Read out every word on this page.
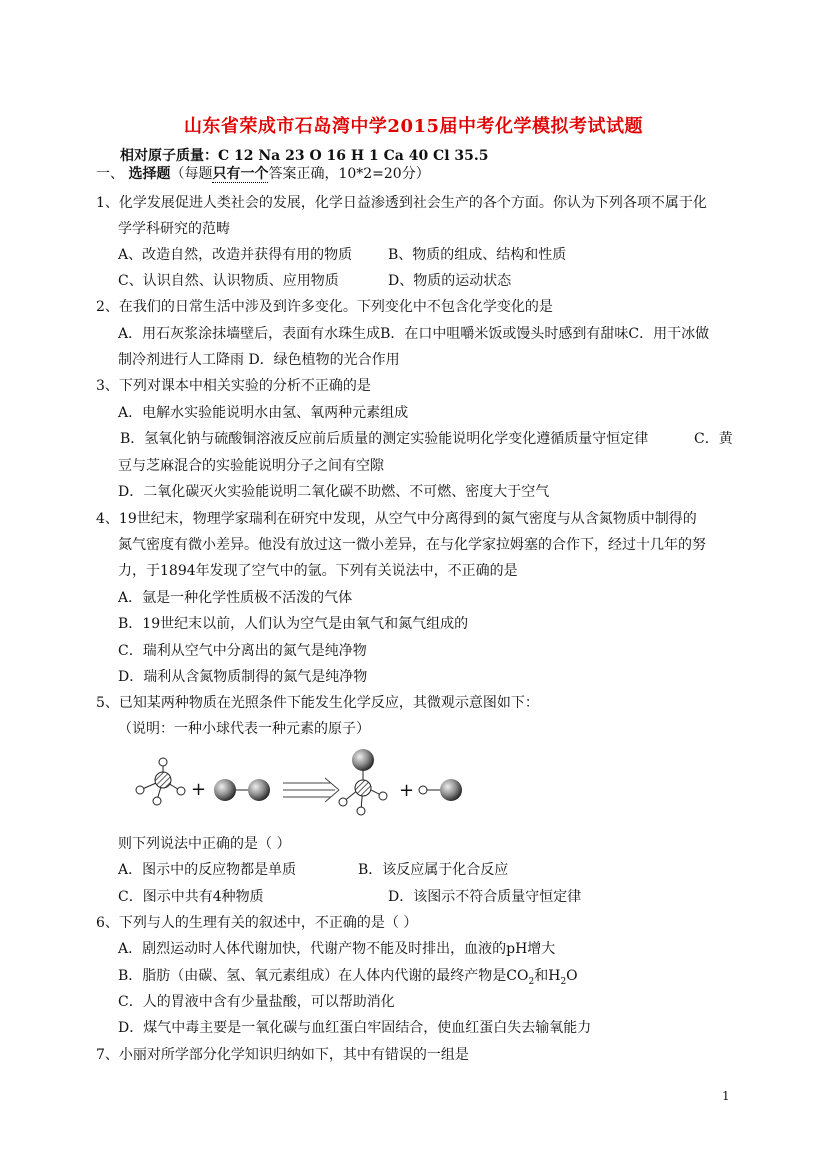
山东省荣成市石岛湾中学2015届中考化学模拟考试试题
相对原子质量：C 12 Na 23 O 16 H 1 Ca 40 Cl 35.5
一、 选择题（每题只有一个答案正确，10*2=20分）
1、化学发展促进人类社会的发展，化学日益渗透到社会生产的各个方面。你认为下列各项不属于化
学学科研究的范畴
A、改造自然，改造并获得有用的物质	B、物质的组成、结构和性质
C、认识自然、认识物质、应用物质	D、物质的运动状态
2、在我们的日常生活中涉及到许多变化。下列变化中不包含化学变化的是
A．用石灰浆涂抹墙壁后，表面有水珠生成B．在口中咀嚼米饭或馒头时感到有甜味C．用干冰做
制冷剂进行人工降雨 D．绿色植物的光合作用
3、下列对课本中相关实验的分析不正确的是
A．电解水实验能说明水由氢、氧两种元素组成
B．氢氧化钠与硫酸铜溶液反应前后质量的测定实验能说明化学变化遵循质量守恒定律	C．黄
豆与芝麻混合的实验能说明分子之间有空隙
D．二氧化碳灭火实验能说明二氧化碳不助燃、不可燃、密度大于空气
4、19世纪末，物理学家瑞利在研究中发现，从空气中分离得到的氮气密度与从含氮物质中制得的
氮气密度有微小差异。他没有放过这一微小差异，在与化学家拉姆塞的合作下，经过十几年的努
力，于1894年发现了空气中的氩。下列有关说法中，不正确的是
A．氩是一种化学性质极不活泼的气体
B．19世纪末以前，人们认为空气是由氧气和氮气组成的
C．瑞利从空气中分离出的氮气是纯净物
D．瑞利从含氮物质制得的氮气是纯净物
5、已知某两种物质在光照条件下能发生化学反应，其微观示意图如下：
（说明：一种小球代表一种元素的原子）
+	+
则下列说法中正确的是（ ）
A．图示中的反应物都是单质	B．该反应属于化合反应
C．图示中共有4种物质	D．该图示不符合质量守恒定律
6、下列与人的生理有关的叙述中，不正确的是（ ）
A．剧烈运动时人体代谢加快，代谢产物不能及时排出，血液的pH增大
B．脂肪（由碳、氢、氧元素组成）在人体内代谢的最终产物是$CO_2$和$H_2O$
C．人的胃液中含有少量盐酸，可以帮助消化
D．煤气中毒主要是一氧化碳与血红蛋白牢固结合，使血红蛋白失去输氧能力
7、小丽对所学部分化学知识归纳如下，其中有错误的一组是
1
